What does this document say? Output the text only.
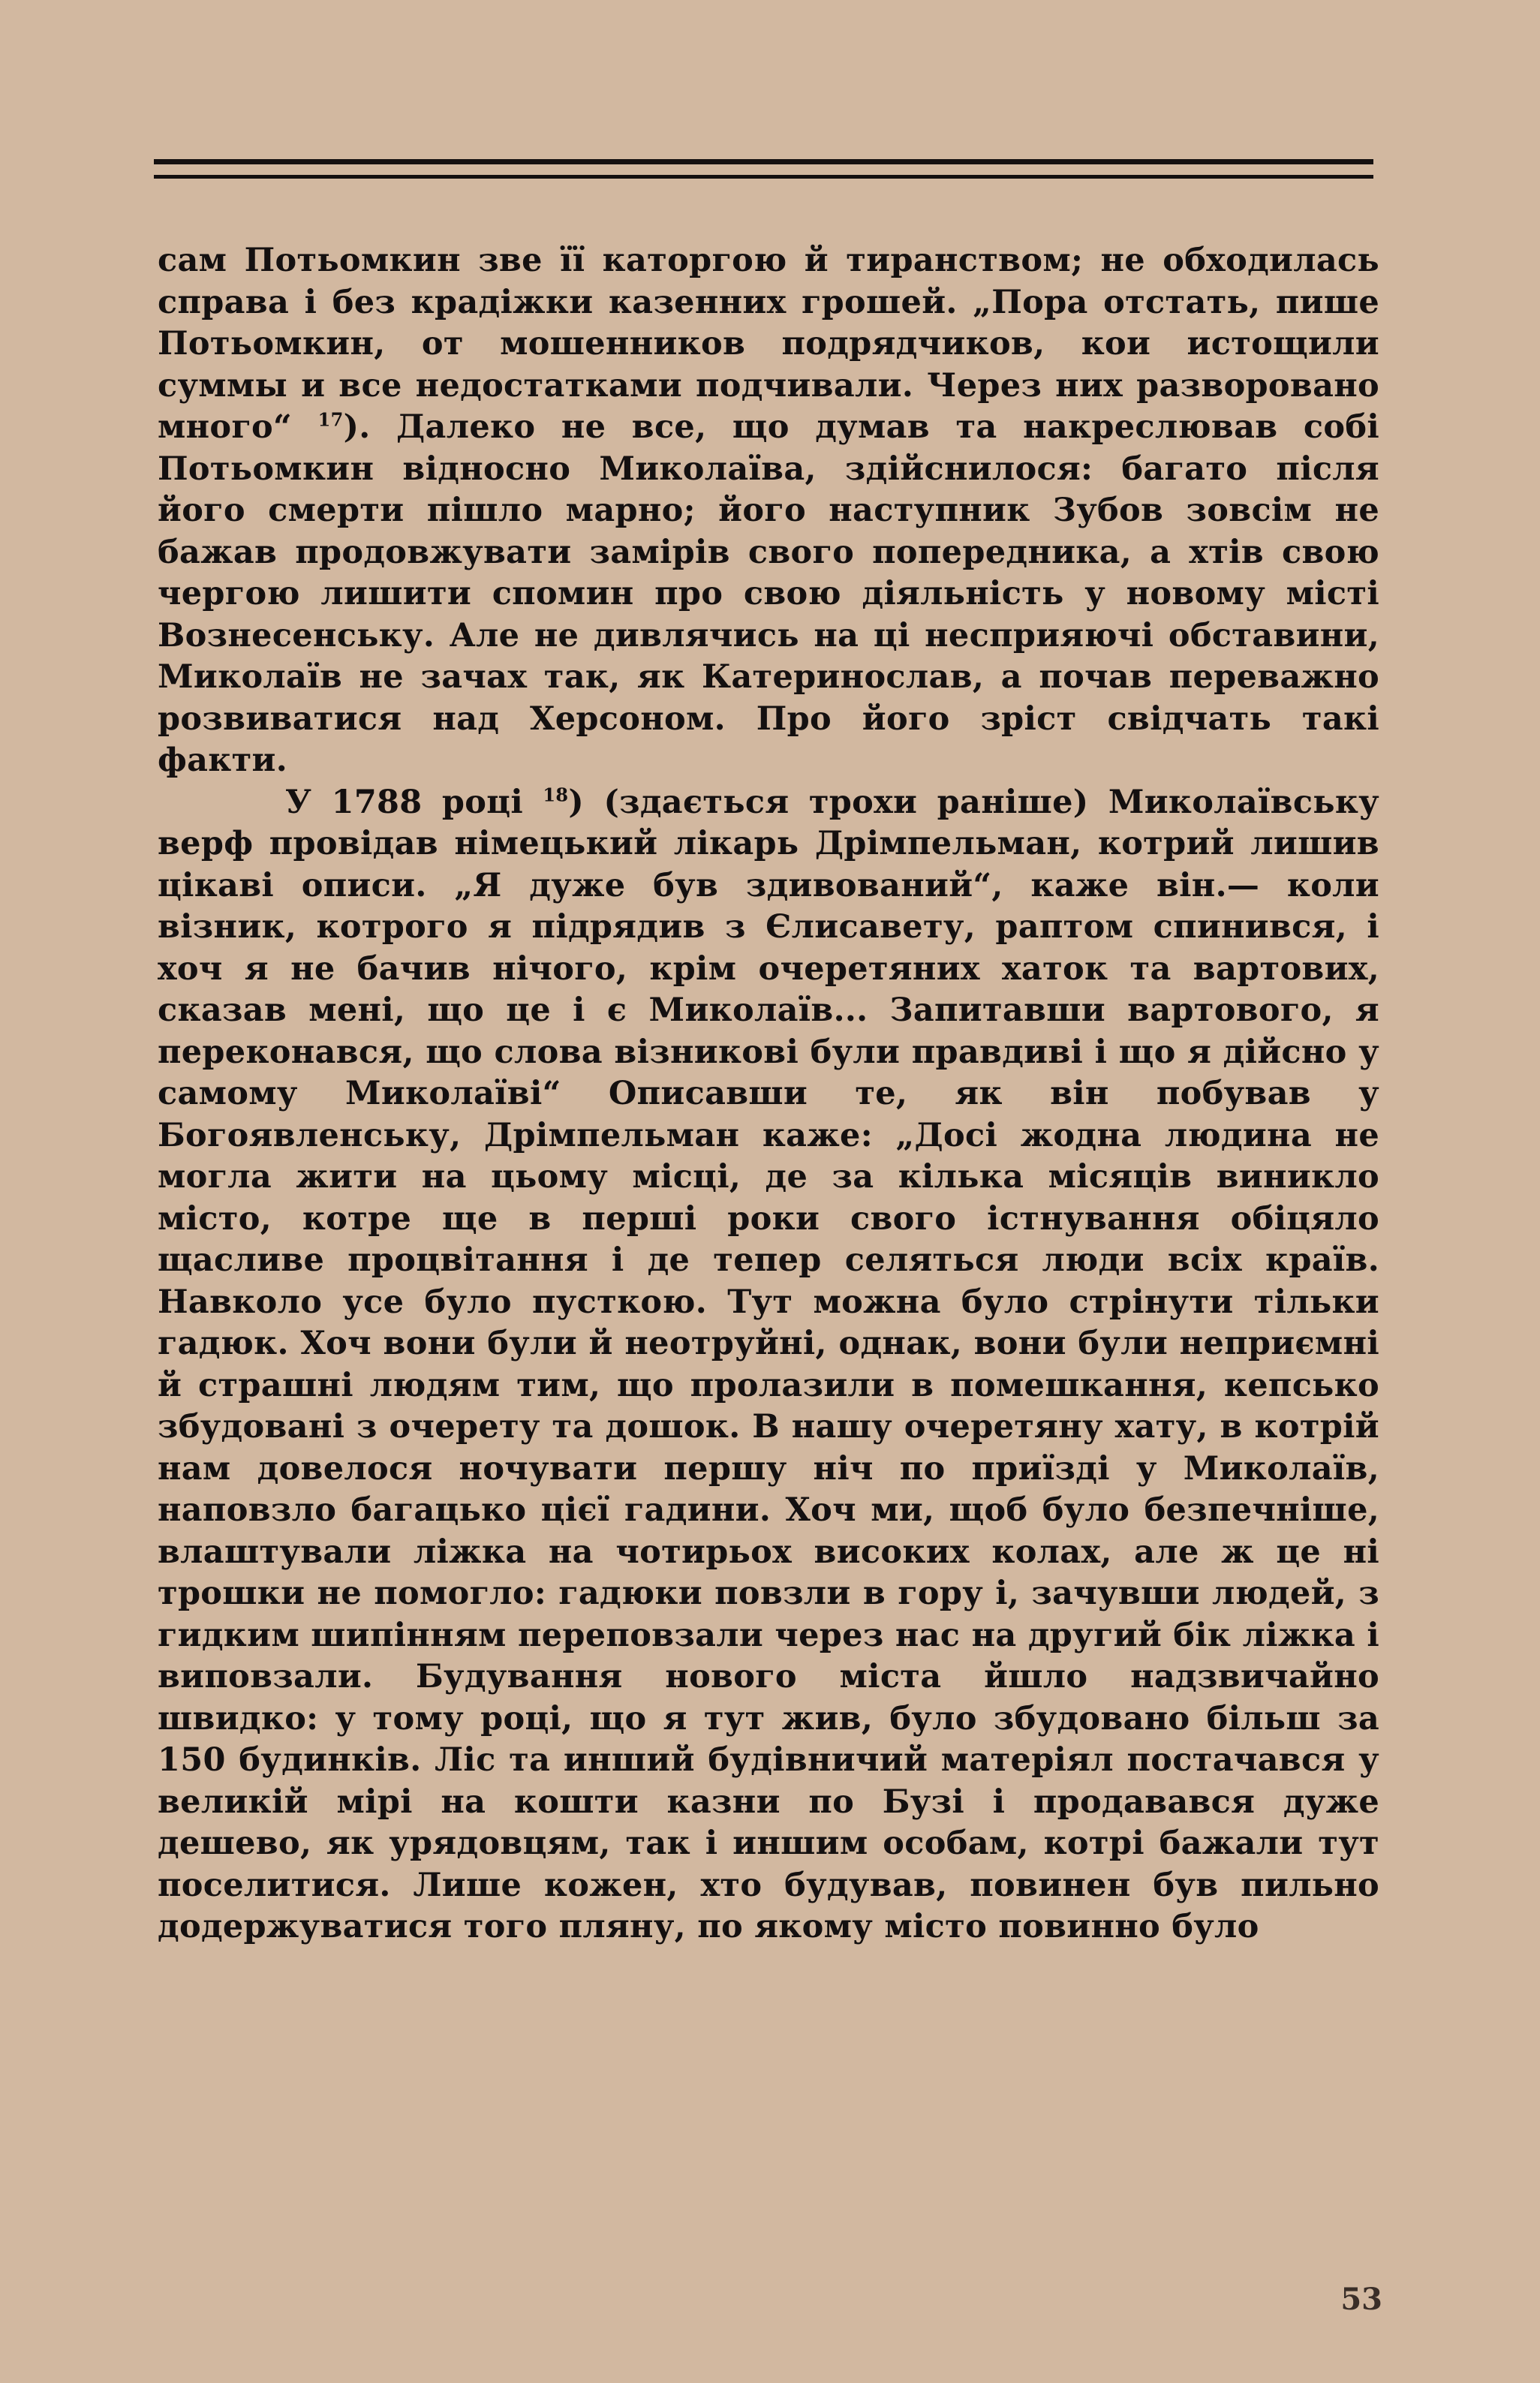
сам Потьомкин зве її каторгою й тиранством; не обходилась справа і без крадіжки казенних грошей. „Пора отстать, пише Потьомкин, от мошенников подрядчиков, кои истощили суммы и все недостатками подчивали. Через них разворовано много“ $^{17}$). Далеко не все, що думав та накреслював собі Потьомкин відносно Миколаїва, здійснилося: багато після його смерти пішло марно; його наступник Зубов зовсім не бажав продовжувати замірів свого попередника, а хтів свою чергою лишити спомин про свою діяльність у новому місті Вознесенську. Але не дивлячись на ці несприяючі обставини, Миколаїв не зачах так, як Катеринослав, а почав переважно розвиватися над Херсоном. Про його зріст свідчать такі факти.

У 1788 році $^{18}$) (здається трохи раніше) Миколаївську верф провідав німецький лікарь Дрімпельман, котрий лишив цікаві описи. „Я дуже був здивований“, каже він.— коли візник, котрого я підрядив з Єлисавету, раптом спинився, і хоч я не бачив нічого, крім очеретяних хаток та вартових, сказав мені, що це і є Миколаїв... Запитавши вартового, я переконався, що слова візникові були правдиві і що я дійсно у самому Миколаїві“ Описавши те, як він побував у Богоявленську, Дрімпельман каже: „Досі жодна людина не могла жити на цьому місці, де за кілька місяців виникло місто, котре ще в перші роки свого істнування обіцяло щасливе процвітання і де тепер селяться люди всіх країв. Навколо усе було пусткою. Тут можна було стрінути тільки гадюк. Хоч вони були й неотруйні, однак, вони були неприємні й страшні людям тим, що пролазили в помешкання, кепсько збудовані з очерету та дошок. В нашу очеретяну хату, в котрій нам довелося ночувати першу ніч по приїзді у Миколаїв, наповзло багацько цієї гадини. Хоч ми, щоб було безпечніше, влаштували ліжка на чотирьох високих колах, але ж це ні трошки не помогло: гадюки повзли в гору і, зачувши людей, з гидким шипінням переповзали через нас на другий бік ліжка і виповзали. Будування нового міста йшло надзвичайно швидко: у тому році, що я тут жив, було збудовано більш за 150 будинків. Ліс та инший будівничий матеріял постачався у великій мірі на кошти казни по Бузі і продавався дуже дешево, як урядовцям, так і иншим особам, котрі бажали тут поселитися. Лише кожен, хто будував, повинен був пильно додержуватися того пляну, по якому місто повинно було

53
